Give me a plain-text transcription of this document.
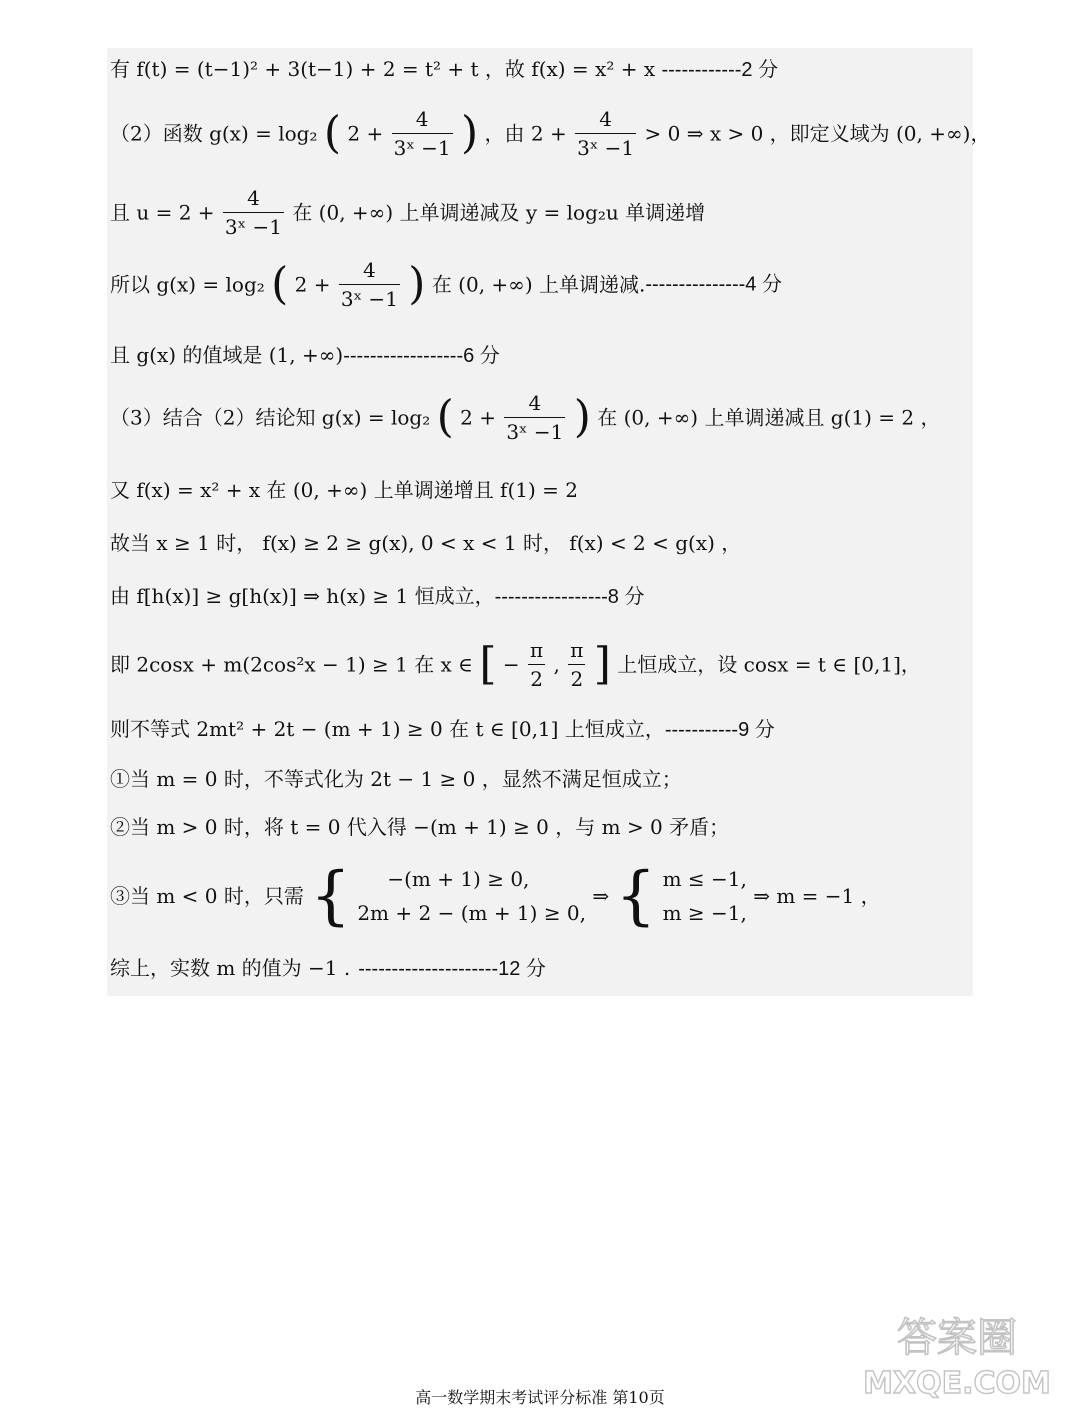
有 f(t) = (t−1)² + 3(t−1) + 2 = t² + t ，故 f(x) = x² + x ------------2 分
（2）函数 g(x) = log₂ ( $2 + \frac{4}{\text{3ˣ −1}}$ ) ，由 $2 + \frac{4}{\text{3ˣ −1}} > 0$ ⇒ x > 0 ，即定义域为 (0, +∞)，
且 $u = 2 + \frac{4}{\text{3ˣ −1}}$ 在 (0, +∞) 上单调递减及 y = log₂u 单调递增
所以 g(x) = log₂ ( $2 + \frac{4}{\text{3ˣ −1}}$ ) 在 (0, +∞) 上单调递减.---------------4 分
且 g(x) 的值域是 (1, +∞)------------------6 分
（3）结合（2）结论知 g(x) = log₂ ( $2 + \frac{4}{\text{3ˣ −1}}$ ) 在 (0, +∞) 上单调递减且 g(1) = 2 ，
又 f(x) = x² + x 在 (0, +∞) 上单调递增且 f(1) = 2
故当 x ≥ 1 时， f(x) ≥ 2 ≥ g(x), 0 < x < 1 时， f(x) < 2 < g(x) ，
由 f[h(x)] ≥ g[h(x)] ⇒ h(x) ≥ 1 恒成立，-----------------8 分
即 2cosx + m(2cos²x − 1) ≥ 1 在 x ∈ [ − $\frac{\pi}{2}$ , $\frac{\pi}{2}$ ] 上恒成立，设 cosx = t ∈ [0,1]，
则不等式 2mt² + 2t − (m + 1) ≥ 0 在 t ∈ [0,1] 上恒成立，-----------9 分
①当 m = 0 时，不等式化为 2t − 1 ≥ 0 ，显然不满足恒成立；
②当 m > 0 时，将 t = 0 代入得 −(m + 1) ≥ 0 ，与 m > 0 矛盾；
③当 m < 0 时，只需 {	−(m + 1) ≥ 0,
2m + 2 − (m + 1) ≥ 0,
⇒ { m ≤ −1,
m ≥ −1,
⇒ m = −1 ，
综上，实数 m 的值为 −1 . ---------------------12 分
高一数学期末考试评分标准 第10页
答案圈
MXQE.COM
